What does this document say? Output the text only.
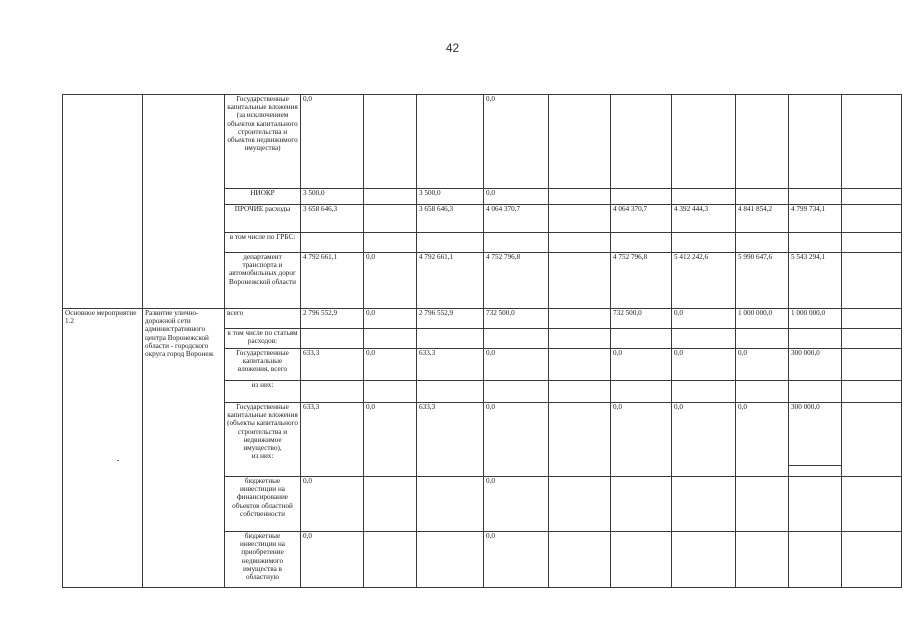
42
		Государственные капитальные вложения (за исключением объектов капитального строительства и объектов недвижимого имущества)	0,0			0,0						
		НИОКР	3 500,0		3 500,0	0,0						
		ПРОЧИЕ расходы	3 658 646,3		3 658 646,3	4 064 370,7		4 064 370,7	4 392 444,3	4 841 854,2	4 799 734,1	
		в том числе по ГРБС:										
		департамент транспорта и автомобильных дорог Воронежской области	4 792 661,1	0,0	4 792 661,1	4 752 796,8		4 752 796,8	5 412 242,6	5 990 647,6	5 543 294,1	
Основное мероприятие 1.2	Развитие улично-дорожной сети административного центра Воронежской области - городского округа город Воронеж	всего	2 796 552,9	0,0	2 796 552,9	732 500,0		732 500,0	0,0	1 000 000,0	1 000 000,0	
		в том числе по статьям расходов:										
		Государственные капитальные вложения, всего	633,3	0,0	633,3	0,0		0,0	0,0	0,0	300 000,0	
		из них:										
		Государственные капитальные вложения (объекты капитального строительства и недвижимое имущество),
из них:	633,3	0,0	633,3	0,0		0,0	0,0	0,0	300 000,0	

		бюджетные инвестиции на финансирование объектов областной собственности	0,0			0,0						
		бюджетные инвестиции на приобретение недвижимого имущества в областную	0,0			0,0						
